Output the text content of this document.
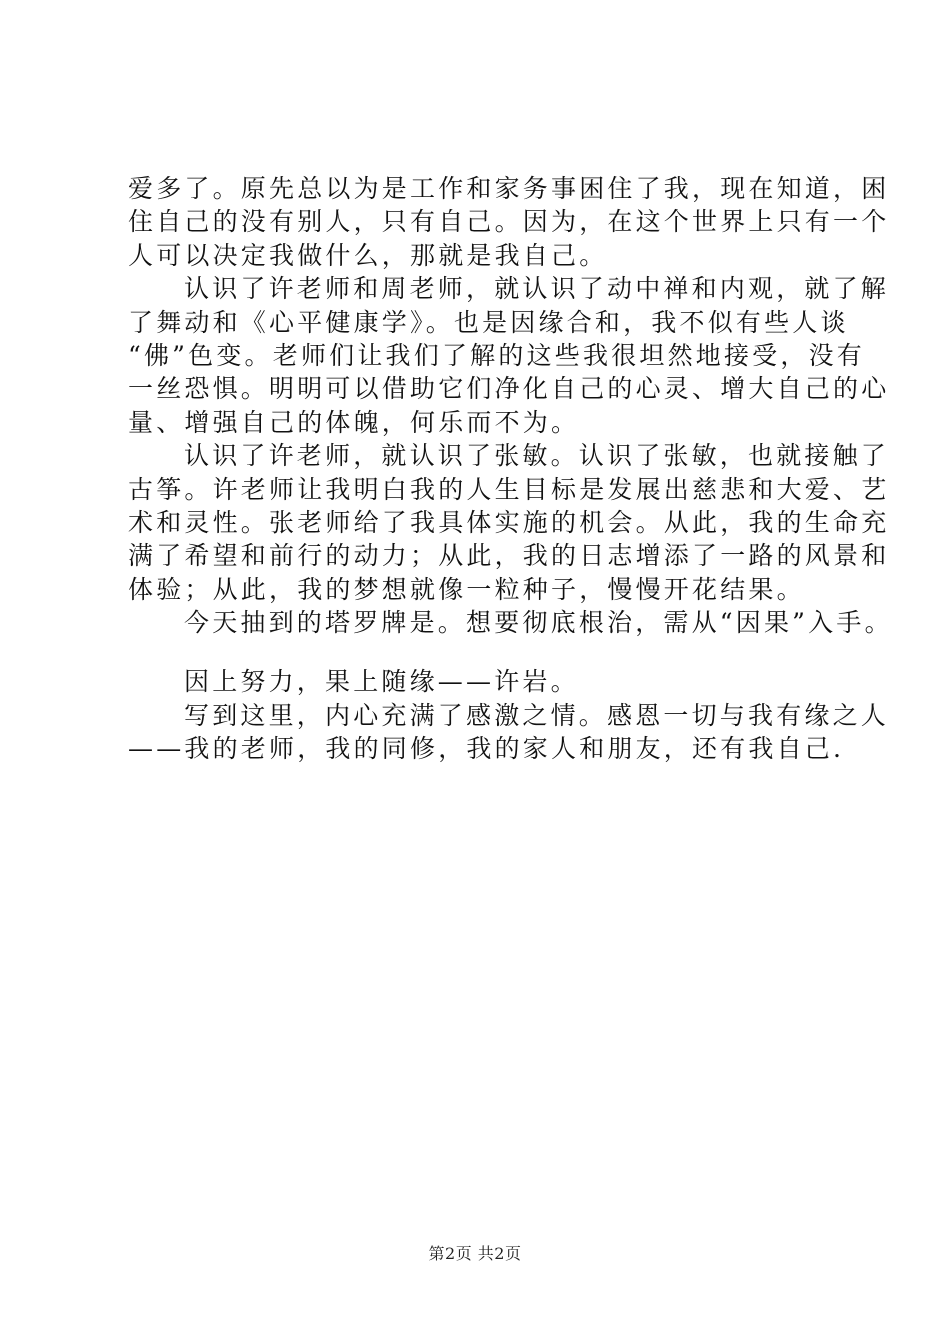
爱多了。原先总以为是工作和家务事困住了我，现在知道，困
住自己的没有别人，只有自己。因为，在这个世界上只有一个
人可以决定我做什么，那就是我自己。
认识了许老师和周老师，就认识了动中禅和内观，就了解
了舞动和《心平健康学》。也是因缘合和，我不似有些人谈
“佛”色变。老师们让我们了解的这些我很坦然地接受，没有
一丝恐惧。明明可以借助它们净化自己的心灵、增大自己的心
量、增强自己的体魄，何乐而不为。
认识了许老师，就认识了张敏。认识了张敏，也就接触了
古筝。许老师让我明白我的人生目标是发展出慈悲和大爱、艺
术和灵性。张老师给了我具体实施的机会。从此，我的生命充
满了希望和前行的动力；从此，我的日志增添了一路的风景和
体验；从此，我的梦想就像一粒种子，慢慢开花结果。
今天抽到的塔罗牌是。想要彻底根治，需从“因果”入手。
因上努力，果上随缘——许岩。
写到这里，内心充满了感激之情。感恩一切与我有缘之人
——我的老师，我的同修，我的家人和朋友，还有我自己.
第2页 共2页
